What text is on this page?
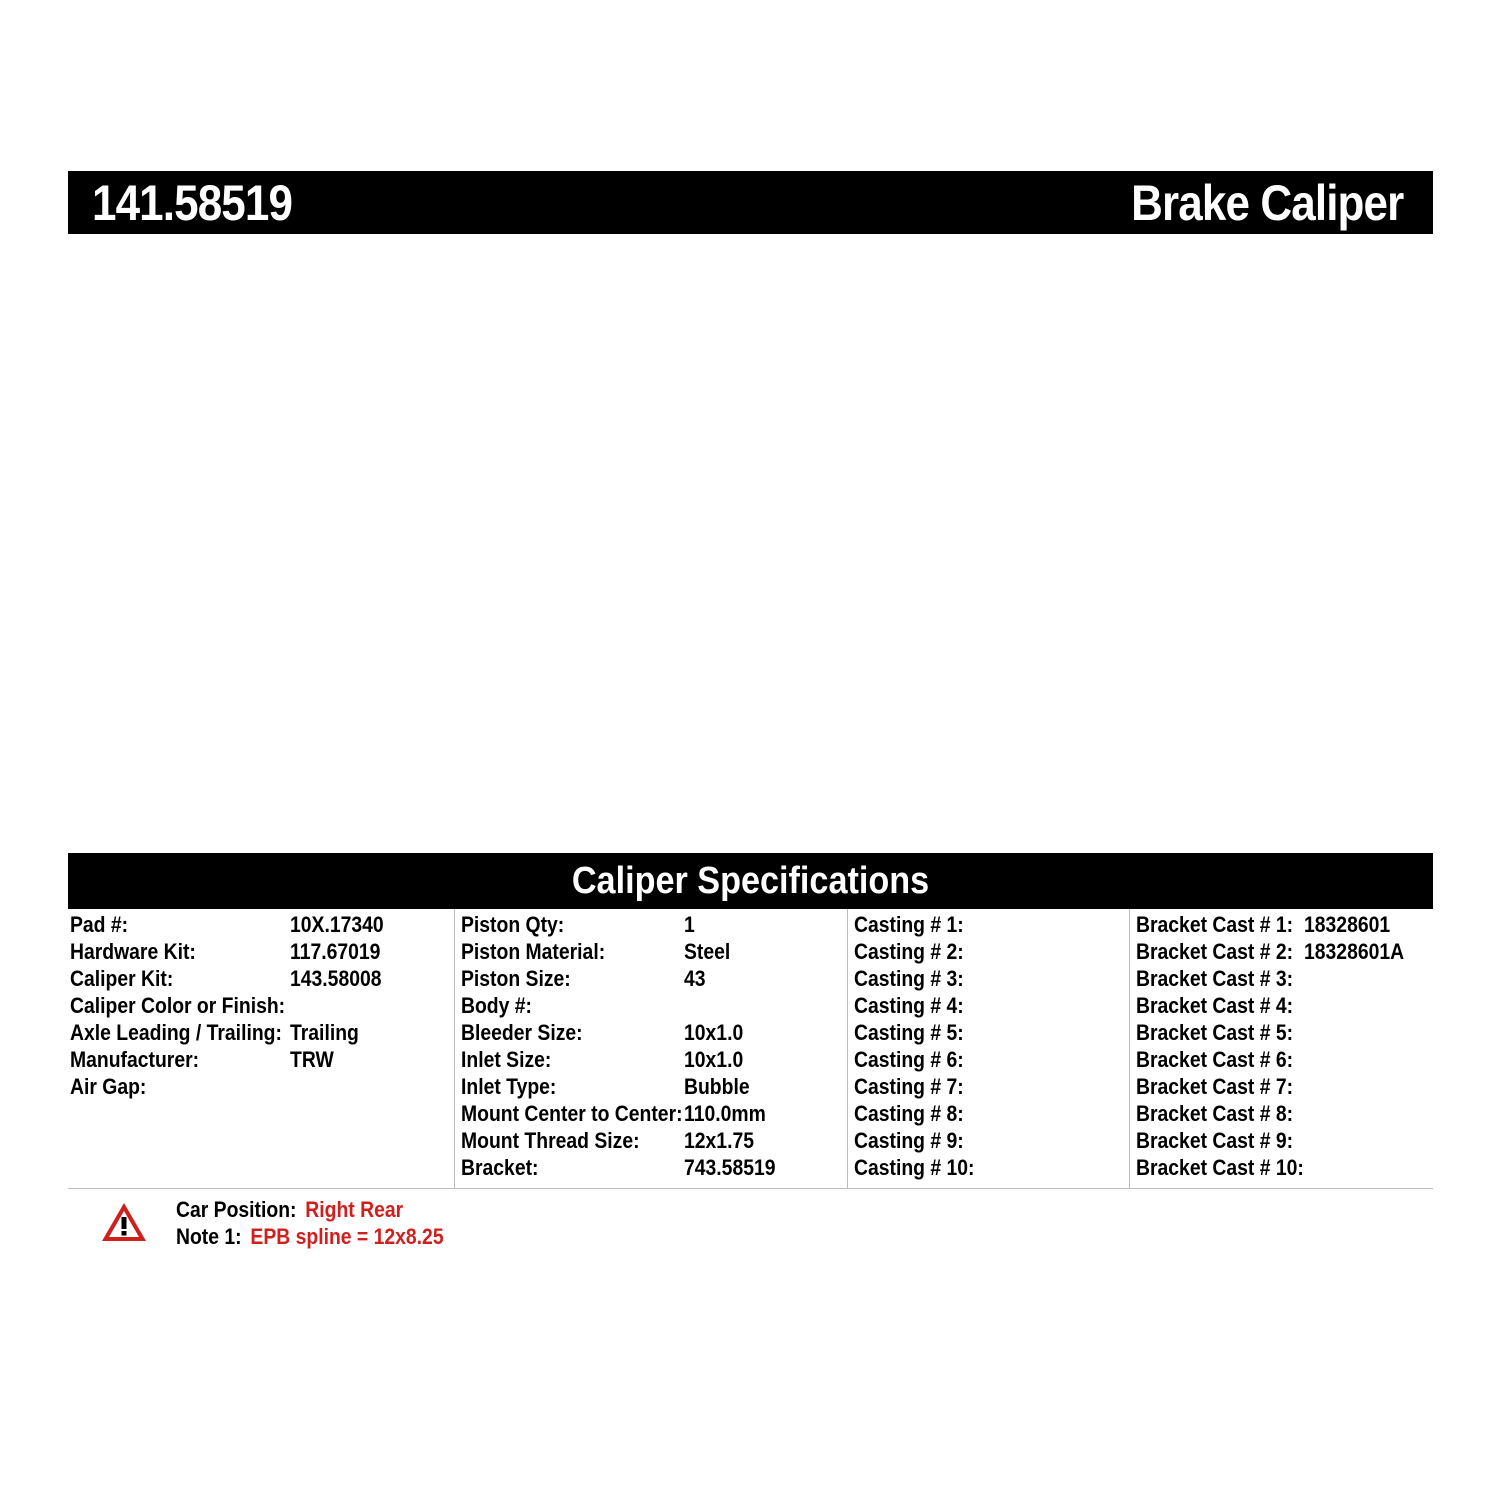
141.58519	Brake Caliper
Caliper Specifications
Pad #:	10X.17340
Hardware Kit:	117.67019
Caliper Kit:	143.58008
Caliper Color or Finish:
Axle Leading / Trailing: Trailing
Manufacturer:	TRW
Air Gap:
Piston Qty:	1
Piston Material:	Steel
Piston Size:	43
Body #:
Bleeder Size:	10x1.0
Inlet Size:	10x1.0
Inlet Type:	Bubble
Mount Center to Center: 110.0mm
Mount Thread Size: 12x1.75
Bracket:	743.58519
Casting # 1:
Casting # 2:
Casting # 3:
Casting # 4:
Casting # 5:
Casting # 6:
Casting # 7:
Casting # 8:
Casting # 9:
Casting # 10:
Bracket Cast # 1: 18328601
Bracket Cast # 2: 18328601A
Bracket Cast # 3:
Bracket Cast # 4:
Bracket Cast # 5:
Bracket Cast # 6:
Bracket Cast # 7:
Bracket Cast # 8:
Bracket Cast # 9:
Bracket Cast # 10:
Car Position: Right Rear
Note 1: EPB spline = 12x8.25
